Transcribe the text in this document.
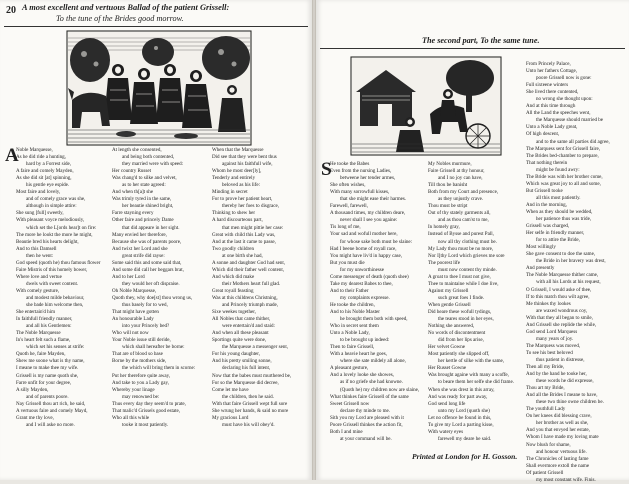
20 A most excellent and vertuous Ballad of the patient Grissell:
To the tune of the Brides good morrow.
A
Noble Marquesse,
As he did ride a hunting,
hard by a Forrest side,
A faire and comely Mayden,
As she did sit [at] spinning,
his gentle eye espide.
Most faire and lovely,
and of comely grace was she,
although in simple attire:
She sung [full] sweetly,
With pleasant voyce melodiously,
which set the L[ords hear]t on fire:
The more he lookt the more he might,
Beautie bred his hearts delight,
And to this Damsell
then he went:
God speed (quoth he) thou famous flower
Faire Mistris of this homely bower,
Where love and vertue
dwels with sweet content.
With comely gesture,
and modest milde behaviour,
she bade him welcome then,
She entertain'd him
In faithfull friendly manner,
and all his Gentlemen:
The Noble Marquesse
In's heart felt such a flame,
which set his senses at strife:
Quoth he, faire Mayden,
Shew me soone what is thy name,
I meane to make thee my wife.
Grissell is my name quoth she,
Farre unfit for your degree,
A silly Mayden,
and of parents poore.
Nay Grissell thou art rich, he said,
A vertuous faire and comely Mayd,
Grant me thy love,
and I will aske no more.
At length she consented,
and being both contented,
they married were with speed:
Her country Russet
Was chang'd to silke and velvet,
as to her state agreed:
And when th[a]t she
Was trimly tyred in the same,
her beautie shined bright,
Farre stayning every
Other faire and princely Dame
that did appeare in her sight.
Many envied her therefore,
Because she was of parents poore,
And twixt her Lord and she
great strife did rayse:
Some said this and some said that,
And some did call her beggars brat,
And to her Lord
they would her oft dispraise.
Oh Noble Marquesse,
Quoth they, why doe[st] thou wrong us,
thus basely for to wed,
That might have gotten
An honourable Lady
into your Princely bed?
Who will not now
Your Noble issue still deride,
which shall hereafter be borne:
That are of blood so base
Borne by the mothers side,
the which will bring them in scorne:
Put her therefore quite away,
And take to you a Lady gay,
Whereby your linage
may renowned be:
Thus every day they seem'd to prate,
That malic'd Grissels good estate,
Who all this while
tooke it most patiently.
When that the Marquesse
Did see that they were bent thus
against his faithfull wife,
Whom he most deer[ly],
Tenderly and entirely
beloved as his life:
Minding in secret
For to prove her patient heart,
thereby her foes to disgrace,
Thinking to shew her
A hard discourteous part,
that men might pittie her case:
Great with child this Lady was,
And at the last it came to passe,
Two goodly children
at one birth she had,
A sonne and daughter God had sent,
Which did their father well content,
And which did make
their Mothers heart full glad.
Great royall feasting
Was at this childrens Christning,
and Princely triumph made,
Sixe weekes together,
All Nobles that came thither,
were entertain'd and staid:
And when all these pleasant
Sportings quite were done,
the Marquesse a messenger sent,
For his young daughter,
And his pretty smiling sonne,
declaring his full intent,
Now that the babes must murthered be,
For so the Marquesse did decree,
Come let me have
the children, then he said.
With that faire Grissell wept full sore
She wrung her hands, & said no more
My gracious Lord
must have his will obey'd.
The second part, To the same tune.
S
He tooke the Babes
Even from the nursing Ladies,
betweene her tender armes,
She often wishes,
With many sorrowfull kisses,
that she might ease their harmes.
Farewell, farewell,
A thousand times, my children deare,
never shall I see you againe:
Tis long of me,
Your sad and wofull mother here,
for whose sake both must be slaine:
Had I beene borne of royall race,
You might have liv'd in happy case,
But you must die
for my unworthinesse
Come messenger of death (quoth shee)
Take my dearest Babes to thee,
And to their Father
my complaints expresse.
He tooke the children,
And to his Noble Master
he brought them both with speed,
Who in secret sent them
Unto a Noble Lady,
to be brought up indeed:
Then to faire Grissell,
With a heavie heart he goes,
where she sate mildely all alone,
A pleasant gesture,
And a lovely looke she showes,
as if no griefe she had knowne.
(Quoth he) my children now are slaine,
What thinkes faire Grissell of the same
Sweet Grissell now
declare thy minde to me.
Sith you my Lord are pleased with it
Poore Grissell thinkes the action fit,
Both I and mine
at your command will be.
My Nobles murmure,
Faire Grissell at thy honour,
and I no joy can have,
Till thou be banisht
Both from my Court and presence,
as they unjustly crave.
Thou must be stript
Out of thy stately garments all,
and as thou cam'st to me,
In homely gray,
Instead of Bysse and purest Pall,
now all thy clothing must be.
My Lady thou must be no more,
Nor I[thy Lord which grieves me sore
The poorest life
must now content thy minde.
A groat to thee I must not give,
Thee to maintaine while I doe live,
Against my Grissell
such great foes I finde.
When gentle Grissell
Did heare these wofull tydings,
the teares stood in her eyes,
Nothing she answered,
No words of discontentment
did from her lips arise,
Her velvet Gowne
Most patiently she slipped off,
her kertle of silke with the same,
Her Russet Gowne
Was brought againe with many a scoffe,
to beare them her selfe she did frame.
When she was drest in this array,
And was ready for part away,
God send long life
unto my Lord (quoth she)
Let no offence be found in this,
To give my Lord a parting kisse,
With watery eyes
farewell my deare he said.
From Princely Palace,
Unto her fathers Cottage,
poore Grissell now is gone:
Full sixteene winters
She lived there contented,
no wrong she thought upon:
And at this time through
All the Land the speeches went,
the Marquesse should married be
Unto a Noble Lady great,
Of high descent,
and to the same all parties did agree,
The Marquess sent for Grissell faire,
The Brides bed-chamber to prepare,
That nothing therein
might be found awry:
The Bride was with her brother come,
Which was great joy to all and some,
But Grissell tooke
all this most patiently.
And in the morning,
When as they should be wedded,
her patience thus was tride,
Grissell was charged,
Her selfe in friendly manner,
for to attire the Bride,
Most willingly
She gave consent to doe the same,
the Bride in her bravery was drest,
And presently
The Noble Marquesse thither came,
with all his Lords at his request,
O Grissell, I would aske of thee,
If to this match thou wilt agree,
Me thinkes thy lookes
are waxed wondrous coy,
With that they all began to smile,
And Grissell she replide the while,
God send Lord Marquess
many years of joy.
The Marquess was moved,
To see his best beloved
thus patient in distresse,
Then all my Bride,
And by the hand he tooke her,
these words he did expresse,
Thou art my Bride,
And all the Brides I meane to have,
these two thine owne children be.
The youthfull Lady
On her knees did blessing crave,
her brother as well as she,
And you that envyed her estate,
Whom I have made my loving mate
Now blush for shame,
and honour vertuous life.
The Chronicles of lasting fame
Shall evermore extoll the name
Of patient Grissell
my most constant wife. Finis.
Printed at London for H. Gosson.
